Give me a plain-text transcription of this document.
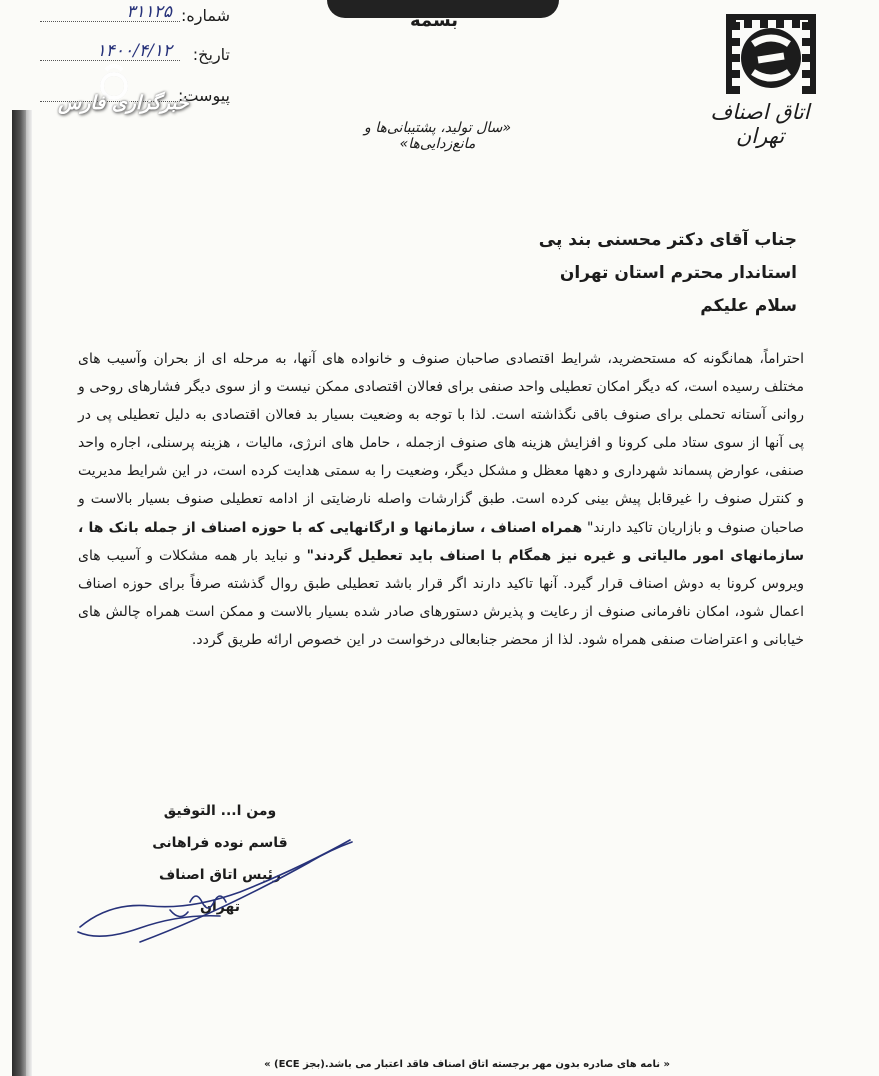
بسمه
شماره:
۳۱۱۲۵
تاریخ:
۱۴۰۰/۴/۱۲
پیوست:
خبرگزاری فارس	اتاق اصناف تهران
«سال تولید، پشتیبانی‌ها و مانع‌زدایی‌ها»
جناب آقای دکتر محسنی بند پی
استاندار محترم استان تهران
سلام علیکم
احتراماً، همانگونه که مستحضرید، شرایط اقتصادی صاحبان صنوف و خانواده های آنها، به مرحله ای از بحران وآسیب های مختلف رسیده است، که دیگر امکان تعطیلی واحد صنفی برای فعالان اقتصادی ممکن نیست و از سوی دیگر فشارهای روحی و روانی آستانه تحملی برای صنوف باقی نگذاشته است. لذا با توجه به وضعیت بسیار بد فعالان اقتصادی به دلیل تعطیلی پی در پی آنها از سوی ستاد ملی کرونا و افزایش هزینه های صنوف ازجمله ، حامل های انرژی، مالیات ، هزینه پرسنلی، اجاره واحد صنفی، عوارض پسماند شهرداری و دهها معظل و مشکل دیگر، وضعیت را به سمتی هدایت کرده است، در این شرایط مدیریت و کنترل صنوف را غیرقابل پیش بینی کرده است. طبق گزارشات واصله نارضایتی از ادامه تعطیلی صنوف بسیار بالاست و صاحبان صنوف و بازاریان تاکید دارند" همراه اصناف ، سازمانها و ارگانهایی که با حوزه اصناف از جمله بانک ها ، سازمانهای امور مالیاتی و غیره نیز همگام با اصناف باید تعطیل گردند" و نباید بار همه مشکلات و آسیب های ویروس کرونا به دوش اصناف قرار گیرد. آنها تاکید دارند اگر قرار باشد تعطیلی طبق روال گذشته صرفاً برای حوزه اصناف اعمال شود، امکان نافرمانی صنوف از رعایت و پذیرش دستورهای صادر شده بسیار بالاست و ممکن است همراه چالش های خیابانی و اعتراضات صنفی همراه شود. لذا از محضر جنابعالی درخواست در این خصوص ارائه طریق گردد.
ومن ا... التوفیق
قاسم نوده فراهانی
رئیس اتاق اصناف تهران
« نامه های صادره بدون مهر برجسته اتاق اصناف فاقد اعتبار می باشد.(بجز ECE) »
